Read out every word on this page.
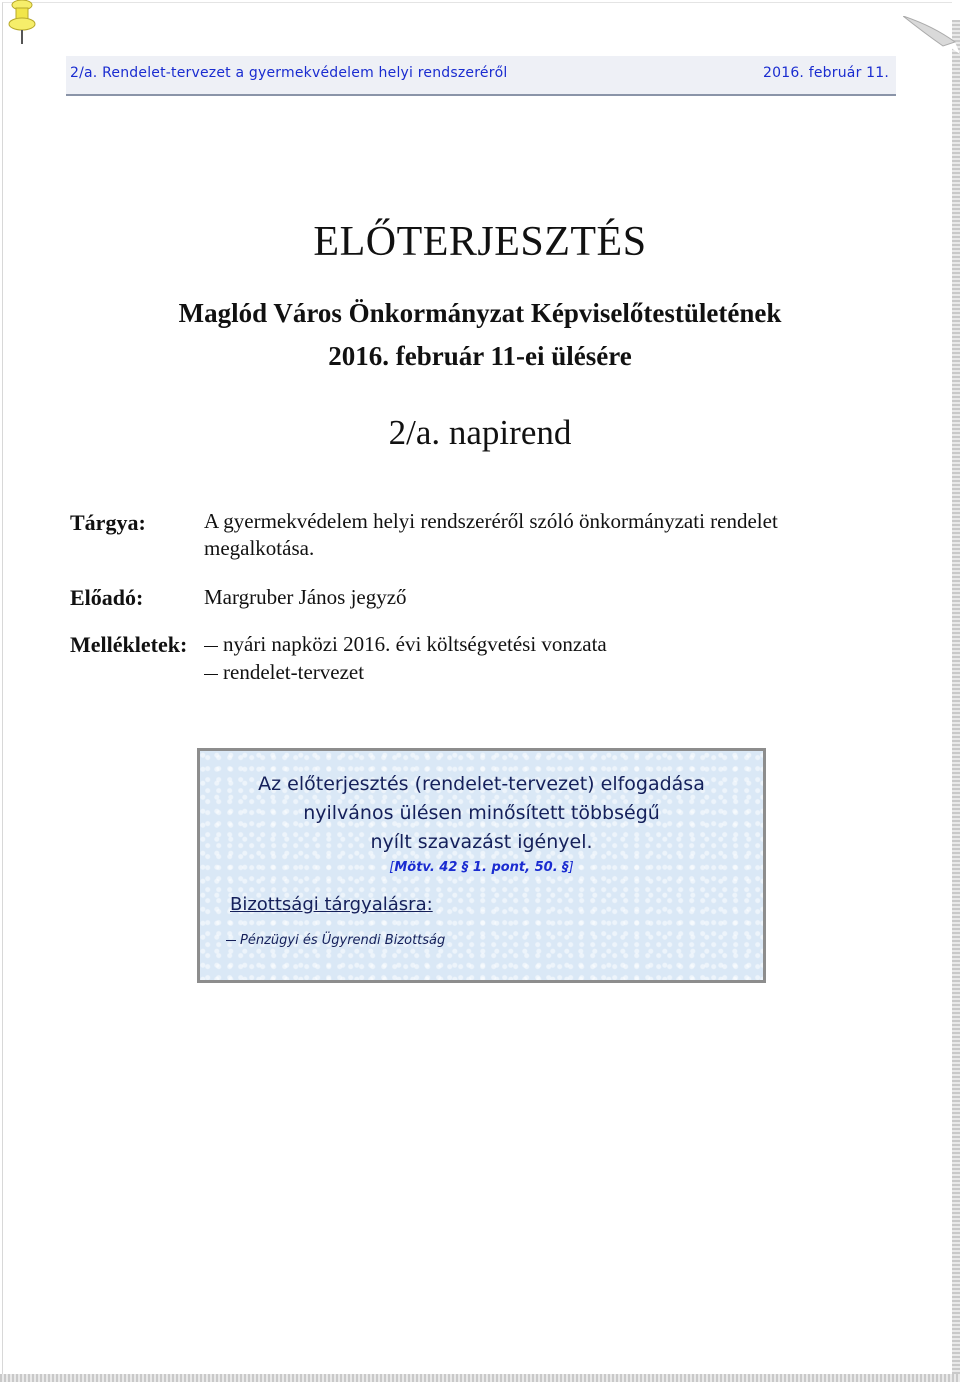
2/a. Rendelet-tervezet a gyermekvédelem helyi rendszeréről	2016. február 11.
ELŐTERJESZTÉS
Maglód Város Önkormányzat Képviselőtestületének
2016. február 11-ei ülésére
2/a. napirend
Tárgya:	A gyermekvédelem helyi rendszeréről szóló önkormányzati rendelet
megalkotása.
Előadó:	Margruber János jegyző
Mellékletek:	nyári napközi 2016. évi költségvetési vonzata
rendelet-tervezet
Az előterjesztés (rendelet-tervezet) elfogadása
nyilvános ülésen minősített többségű
nyílt szavazást igényel.
[Mötv. 42 § 1. pont, 50. §]
Bizottsági tárgyalásra:
Pénzügyi és Ügyrendi Bizottság
